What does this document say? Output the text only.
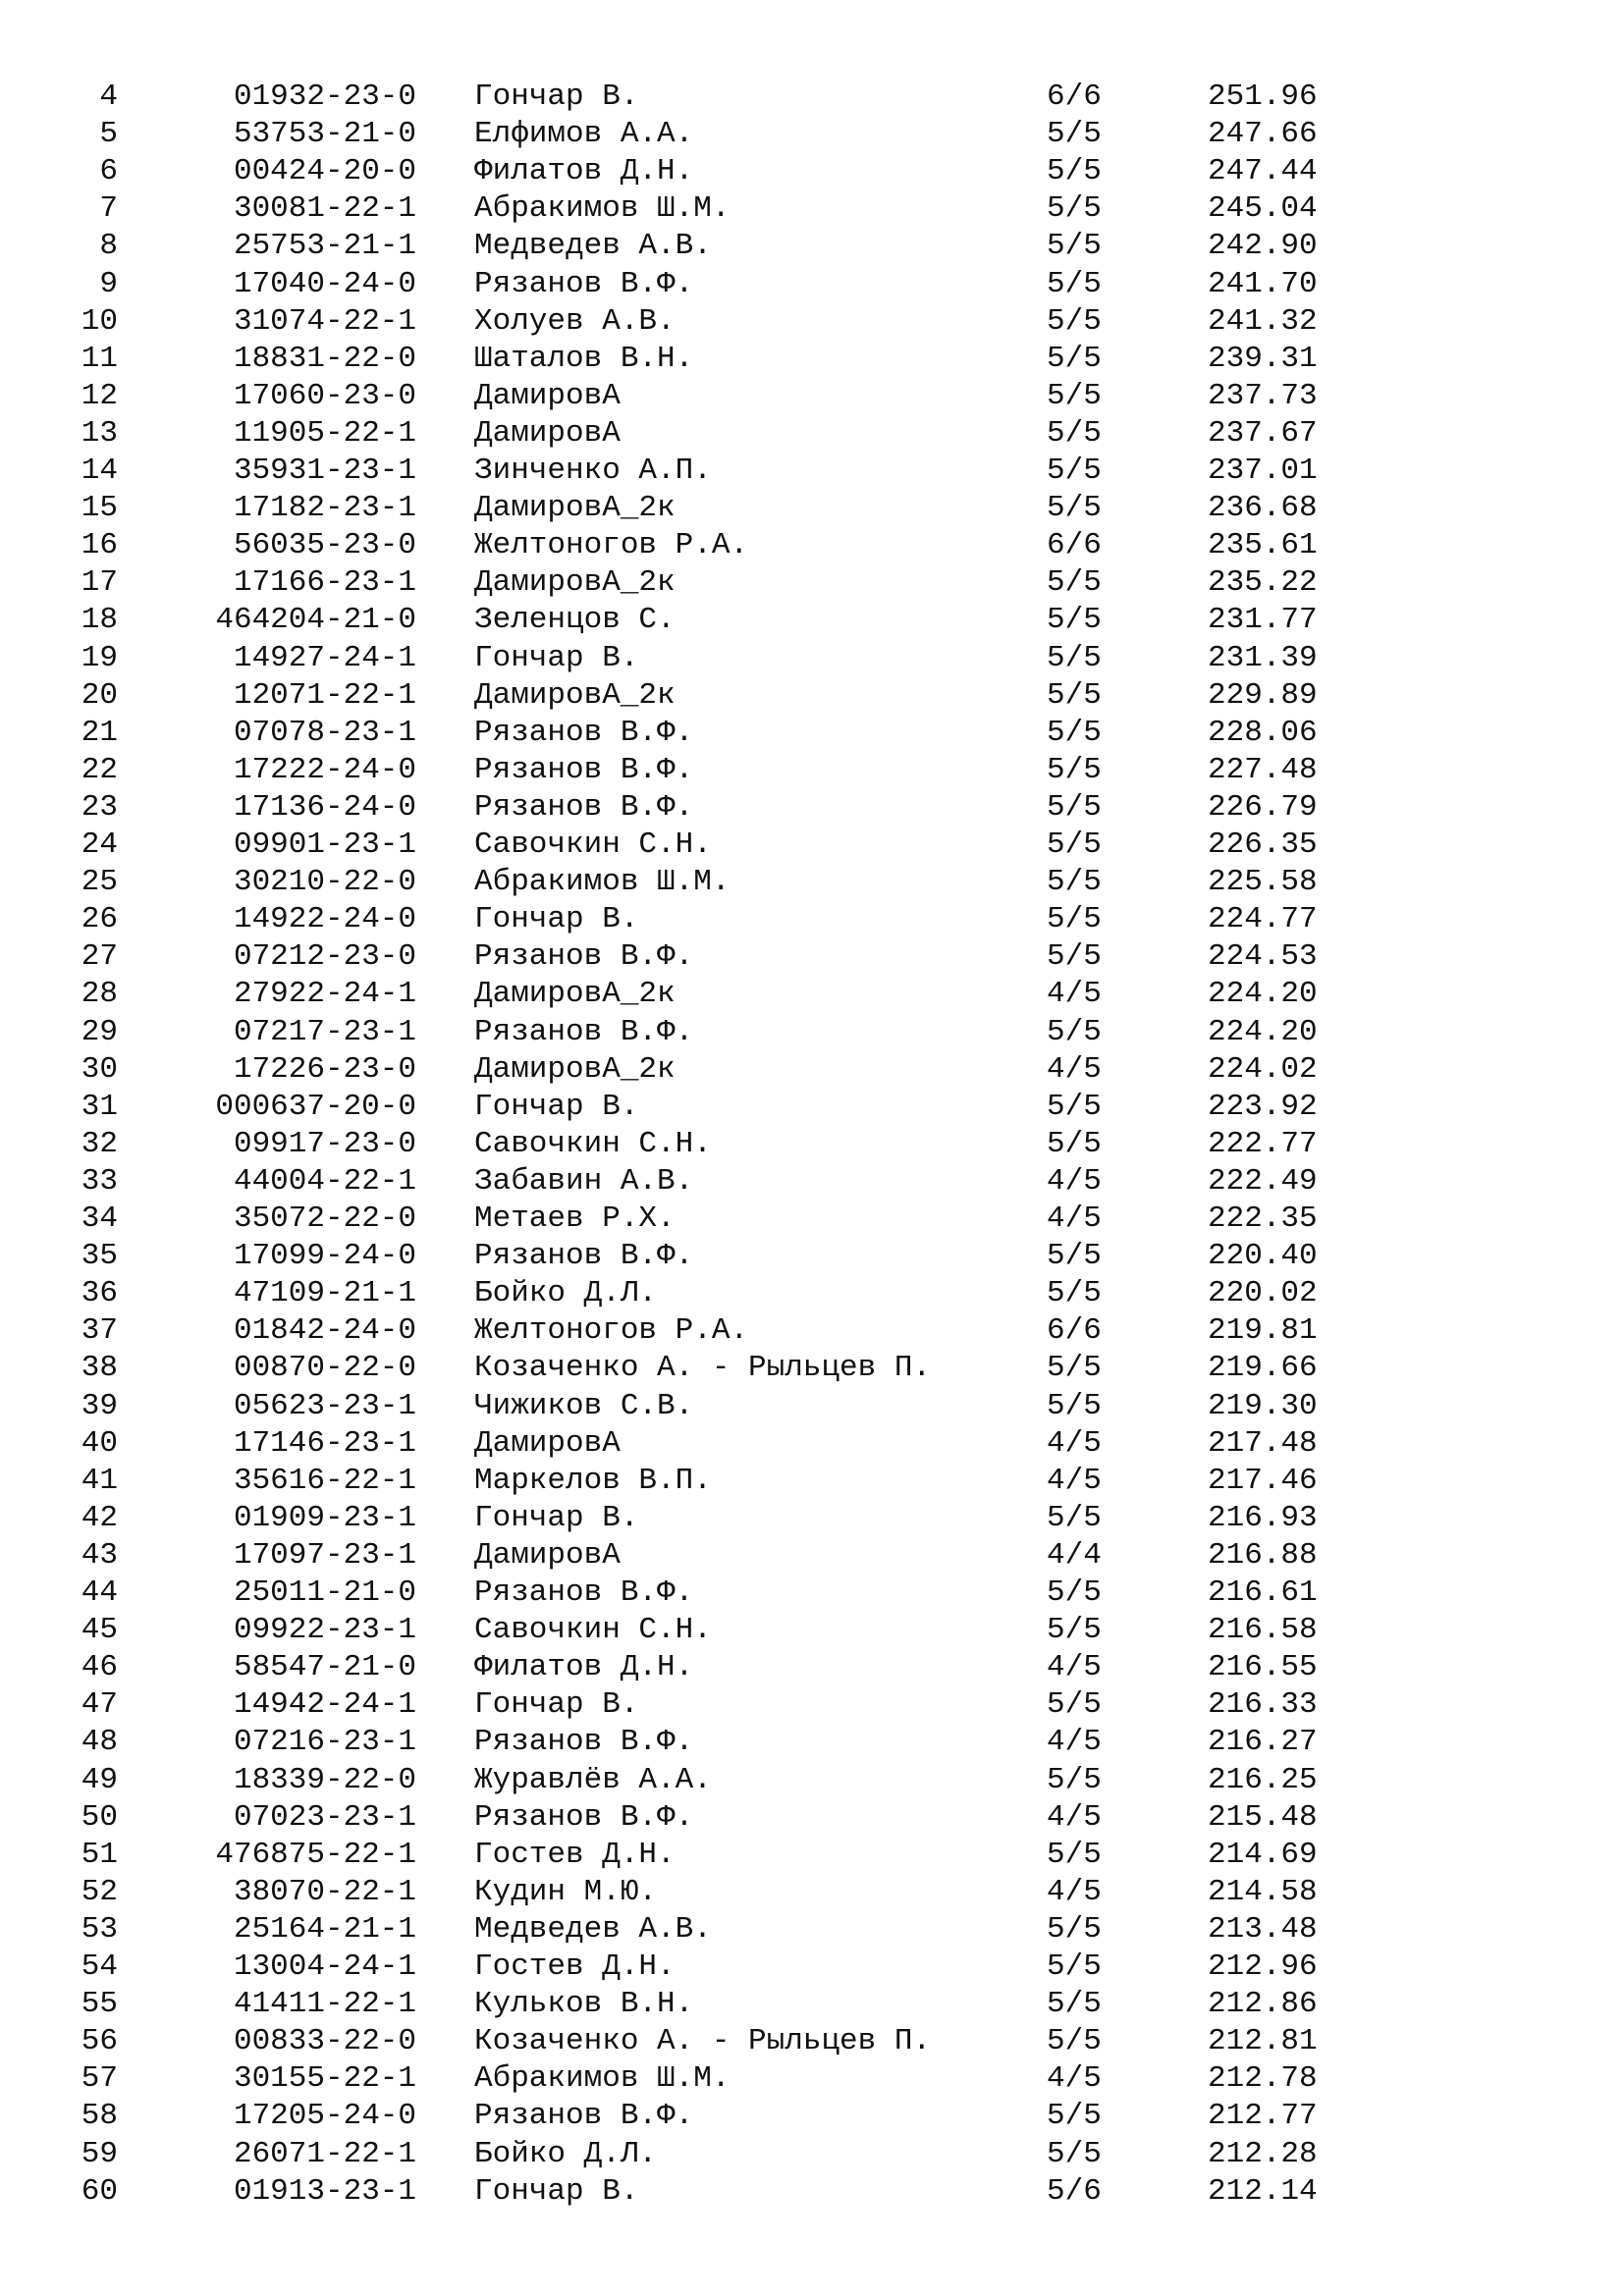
4	01932-23-0 Гончар В.	6/6	251.96
5	53753-21-0 Елфимов А.А.	5/5	247.66
6	00424-20-0 Филатов Д.Н.	5/5	247.44
7	30081-22-1 Абракимов Ш.М.	5/5	245.04
8	25753-21-1 Медведев А.В.	5/5	242.90
9	17040-24-0 Рязанов В.Ф.	5/5	241.70
10	31074-22-1 Холуев А.В.	5/5	241.32
11	18831-22-0 Шаталов В.Н.	5/5	239.31
12	17060-23-0 ДамировА	5/5	237.73
13	11905-22-1 ДамировА	5/5	237.67
14	35931-23-1 Зинченко А.П.	5/5	237.01
15	17182-23-1 ДамировА_2к	5/5	236.68
16	56035-23-0 Желтоногов Р.А.	6/6	235.61
17	17166-23-1 ДамировА_2к	5/5	235.22
18	464204-21-0 Зеленцов С.	5/5	231.77
19	14927-24-1 Гончар В.	5/5	231.39
20	12071-22-1 ДамировА_2к	5/5	229.89
21	07078-23-1 Рязанов В.Ф.	5/5	228.06
22	17222-24-0 Рязанов В.Ф.	5/5	227.48
23	17136-24-0 Рязанов В.Ф.	5/5	226.79
24	09901-23-1 Савочкин С.Н.	5/5	226.35
25	30210-22-0 Абракимов Ш.М.	5/5	225.58
26	14922-24-0 Гончар В.	5/5	224.77
27	07212-23-0 Рязанов В.Ф.	5/5	224.53
28	27922-24-1 ДамировА_2к	4/5	224.20
29	07217-23-1 Рязанов В.Ф.	5/5	224.20
30	17226-23-0 ДамировА_2к	4/5	224.02
31	000637-20-0 Гончар В.	5/5	223.92
32	09917-23-0 Савочкин С.Н.	5/5	222.77
33	44004-22-1 Забавин А.В.	4/5	222.49
34	35072-22-0 Метаев Р.Х.	4/5	222.35
35	17099-24-0 Рязанов В.Ф.	5/5	220.40
36	47109-21-1 Бойко Д.Л.	5/5	220.02
37	01842-24-0 Желтоногов Р.А.	6/6	219.81
38	00870-22-0 Козаченко А. - Рыльцев П.	5/5	219.66
39	05623-23-1 Чижиков С.В.	5/5	219.30
40	17146-23-1 ДамировА	4/5	217.48
41	35616-22-1 Маркелов В.П.	4/5	217.46
42	01909-23-1 Гончар В.	5/5	216.93
43	17097-23-1 ДамировА	4/4	216.88
44	25011-21-0 Рязанов В.Ф.	5/5	216.61
45	09922-23-1 Савочкин С.Н.	5/5	216.58
46	58547-21-0 Филатов Д.Н.	4/5	216.55
47	14942-24-1 Гончар В.	5/5	216.33
48	07216-23-1 Рязанов В.Ф.	4/5	216.27
49	18339-22-0 Журавлёв А.А.	5/5	216.25
50	07023-23-1 Рязанов В.Ф.	4/5	215.48
51	476875-22-1 Гостев Д.Н.	5/5	214.69
52	38070-22-1 Кудин М.Ю.	4/5	214.58
53	25164-21-1 Медведев А.В.	5/5	213.48
54	13004-24-1 Гостев Д.Н.	5/5	212.96
55	41411-22-1 Кульков В.Н.	5/5	212.86
56	00833-22-0 Козаченко А. - Рыльцев П.	5/5	212.81
57	30155-22-1 Абракимов Ш.М.	4/5	212.78
58	17205-24-0 Рязанов В.Ф.	5/5	212.77
59	26071-22-1 Бойко Д.Л.	5/5	212.28
60	01913-23-1 Гончар В.	5/6	212.14
